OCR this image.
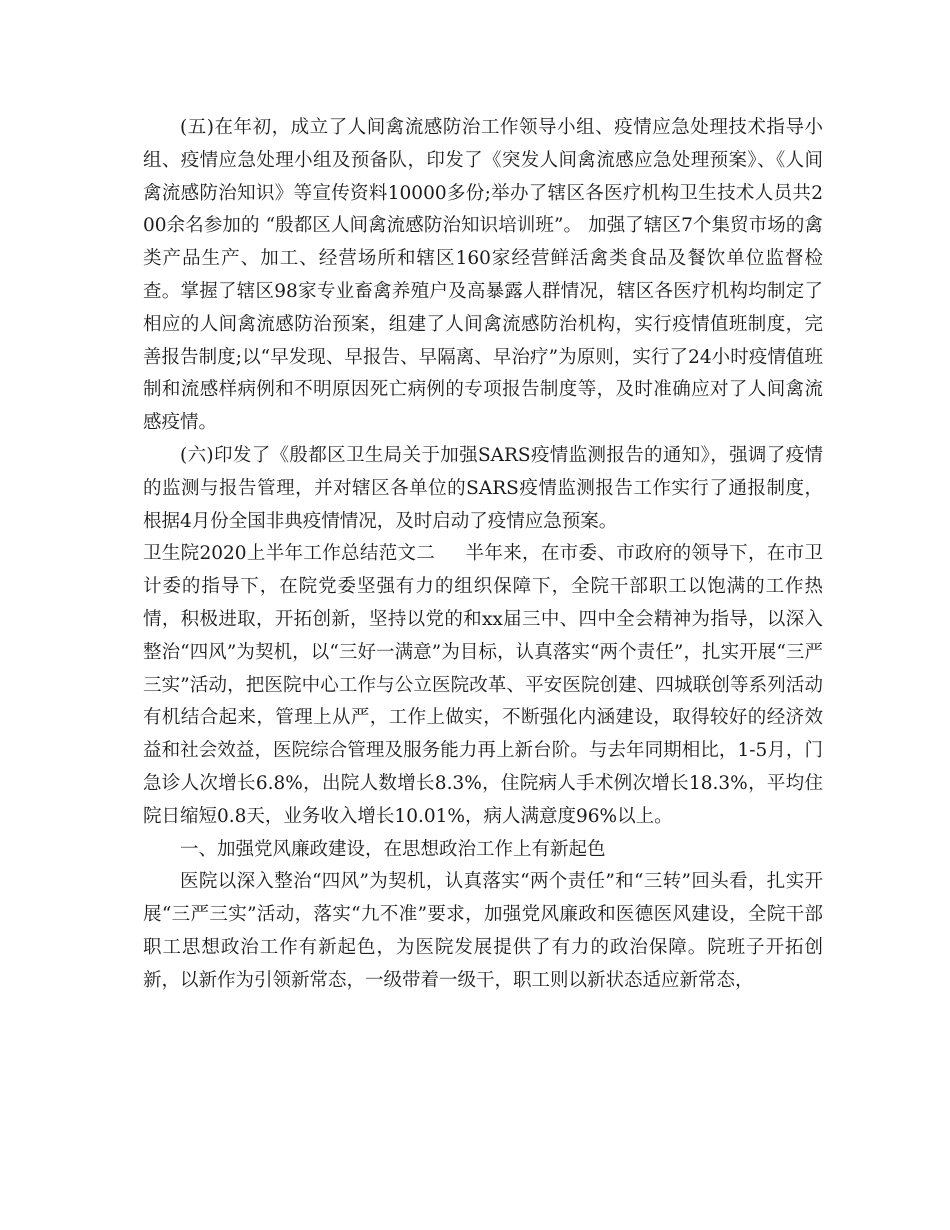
(五)在年初，成立了人间禽流感防治工作领导小组、疫情应急处理技术指导小组、疫情应急处理小组及预备队，印发了《突发人间禽流感应急处理预案》、《人间禽流感防治知识》等宣传资料10000多份;举办了辖区各医疗机构卫生技术人员共200余名参加的 “殷都区人间禽流感防治知识培训班”。 加强了辖区7个集贸市场的禽类产品生产、加工、经营场所和辖区160家经营鲜活禽类食品及餐饮单位监督检查。掌握了辖区98家专业畜禽养殖户及高暴露人群情况，辖区各医疗机构均制定了相应的人间禽流感防治预案，组建了人间禽流感防治机构，实行疫情值班制度，完善报告制度;以“早发现、早报告、早隔离、早治疗”为原则，实行了24小时疫情值班制和流感样病例和不明原因死亡病例的专项报告制度等，及时准确应对了人间禽流感疫情。

(六)印发了《殷都区卫生局关于加强SARS疫情监测报告的通知》，强调了疫情的监测与报告管理，并对辖区各单位的SARS疫情监测报告工作实行了通报制度，根据4月份全国非典疫情情况，及时启动了疫情应急预案。

卫生院2020上半年工作总结范文二 半年来，在市委、市政府的领导下，在市卫计委的指导下，在院党委坚强有力的组织保障下，全院干部职工以饱满的工作热情，积极进取，开拓创新，坚持以党的和xx届三中、四中全会精神为指导，以深入整治“四风”为契机，以“三好一满意”为目标，认真落实“两个责任”，扎实开展“三严三实”活动，把医院中心工作与公立医院改革、平安医院创建、四城联创等系列活动有机结合起来，管理上从严，工作上做实，不断强化内涵建设，取得较好的经济效益和社会效益，医院综合管理及服务能力再上新台阶。与去年同期相比，1-5月，门急诊人次增长6.8%，出院人数增长8.3%，住院病人手术例次增长18.3%，平均住院日缩短0.8天，业务收入增长10.01%，病人满意度96%以上。

一、加强党风廉政建设，在思想政治工作上有新起色

医院以深入整治“四风”为契机，认真落实“两个责任”和“三转”回头看，扎实开展“三严三实”活动，落实“九不准”要求，加强党风廉政和医德医风建设，全院干部职工思想政治工作有新起色，为医院发展提供了有力的政治保障。院班子开拓创新，以新作为引领新常态，一级带着一级干，职工则以新状态适应新常态，
